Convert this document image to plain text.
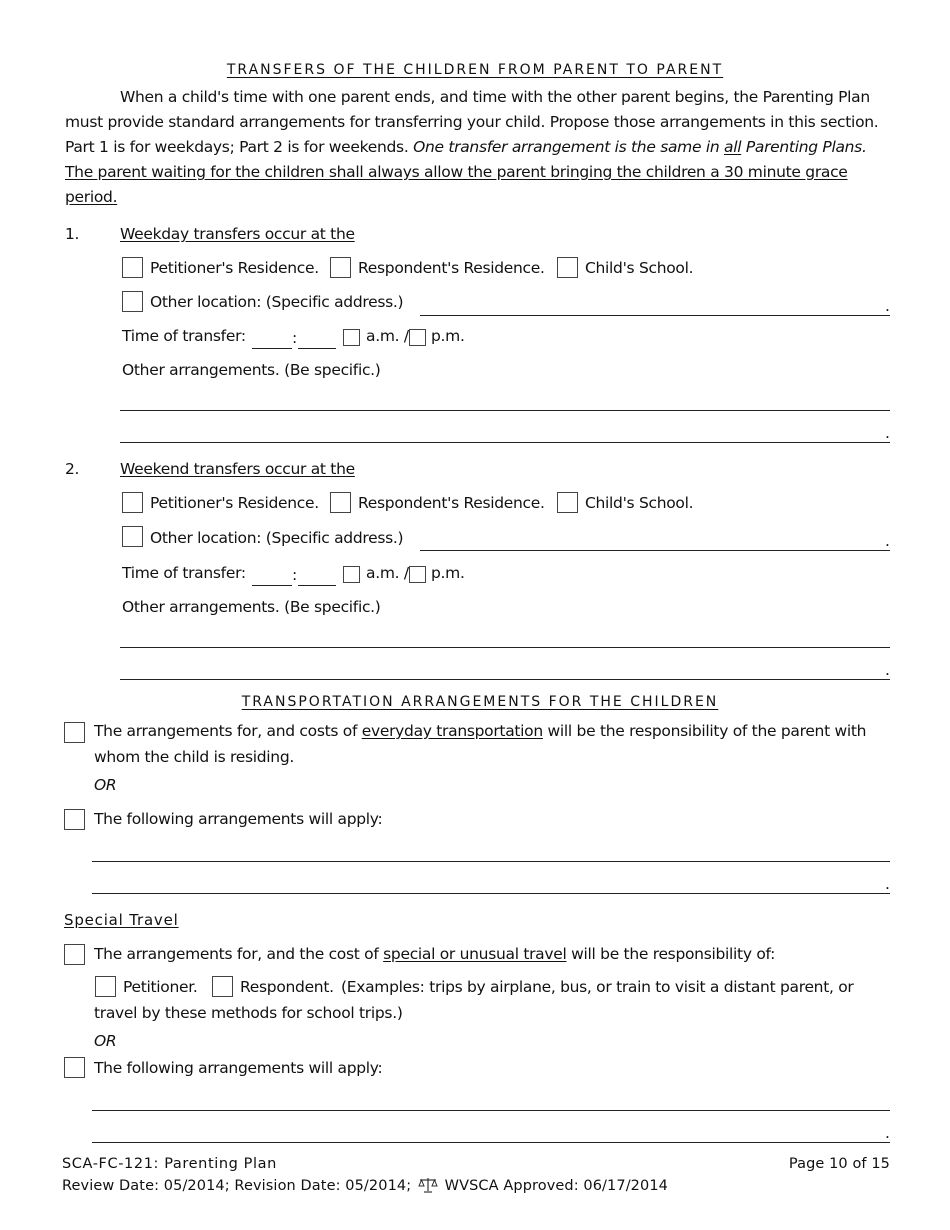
TRANSFERS OF THE CHILDREN FROM PARENT TO PARENT
When a child's time with one parent ends, and time with the other parent begins, the Parenting Plan
must provide standard arrangements for transferring your child. Propose those arrangements in this section.
Part 1 is for weekdays; Part 2 is for weekends. One transfer arrangement is the same in all Parenting Plans.
The parent waiting for the children shall always allow the parent bringing the children a 30 minute grace
period.
1.	Weekday transfers occur at the
Petitioner's Residence.	Respondent's Residence.	Child's School.
Other location: (Specific address.)	.
Time of transfer:	:	a.m. / p.m.
Other arrangements. (Be specific.)
.
2.	Weekend transfers occur at the
Petitioner's Residence.	Respondent's Residence.	Child's School.
Other location: (Specific address.)	.
Time of transfer:	:	a.m. / p.m.
Other arrangements. (Be specific.)
.
TRANSPORTATION ARRANGEMENTS FOR THE CHILDREN
The arrangements for, and costs of everyday transportation will be the responsibility of the parent with
whom the child is residing.
OR
The following arrangements will apply:
.
Special Travel
The arrangements for, and the cost of special or unusual travel will be the responsibility of:
Petitioner.	Respondent. (Examples: trips by airplane, bus, or train to visit a distant parent, or
travel by these methods for school trips.)
OR
The following arrangements will apply:
.
SCA-FC-121: Parenting Plan	Page 10 of 15
Review Date: 05/2014; Revision Date: 05/2014; WVSCA Approved: 06/17/2014
